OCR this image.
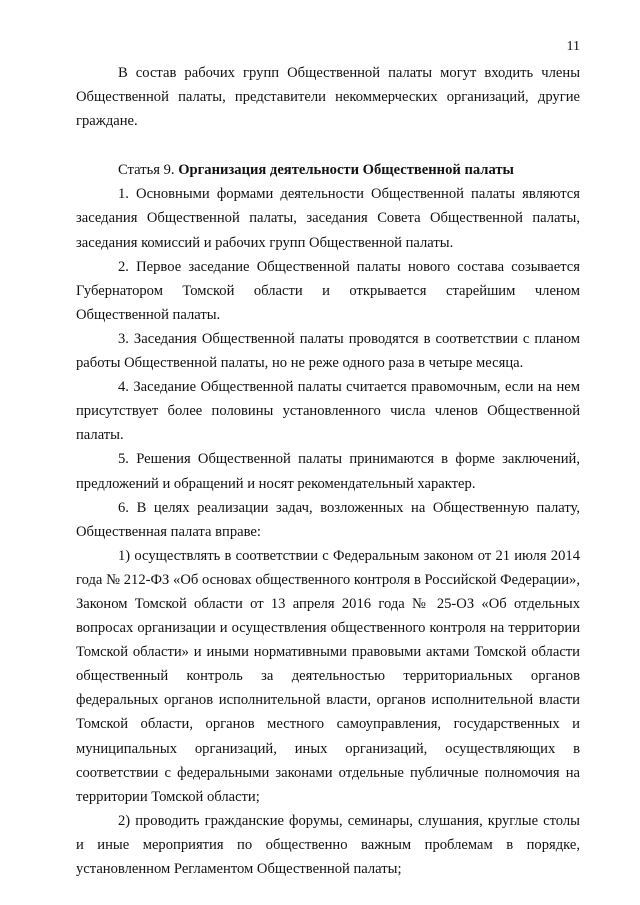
11

В состав рабочих групп Общественной палаты могут входить члены Общественной палаты, представители некоммерческих организаций, другие граждане.

Статья 9. Организация деятельности Общественной палаты

1. Основными формами деятельности Общественной палаты являются заседания Общественной палаты, заседания Совета Общественной палаты, заседания комиссий и рабочих групп Общественной палаты.

2. Первое заседание Общественной палаты нового состава созывается Губернатором Томской области и открывается старейшим членом Общественной палаты.

3. Заседания Общественной палаты проводятся в соответствии с планом работы Общественной палаты, но не реже одного раза в четыре месяца.

4. Заседание Общественной палаты считается правомочным, если на нем присутствует более половины установленного числа членов Общественной палаты.

5. Решения Общественной палаты принимаются в форме заключений, предложений и обращений и носят рекомендательный характер.

6. В целях реализации задач, возложенных на Общественную палату, Общественная палата вправе:

1) осуществлять в соответствии с Федеральным законом от 21 июля 2014 года № 212-ФЗ «Об основах общественного контроля в Российской Федерации», Законом Томской области от 13 апреля 2016 года № 25-ОЗ «Об отдельных вопросах организации и осуществления общественного контроля на территории Томской области» и иными нормативными правовыми актами Томской области общественный контроль за деятельностью территориальных органов федеральных органов исполнительной власти, органов исполнительной власти Томской области, органов местного самоуправления, государственных и муниципальных организаций, иных организаций, осуществляющих в соответствии с федеральными законами отдельные публичные полномочия на территории Томской области;

2) проводить гражданские форумы, семинары, слушания, круглые столы и иные мероприятия по общественно важным проблемам в порядке, установленном Регламентом Общественной палаты;
